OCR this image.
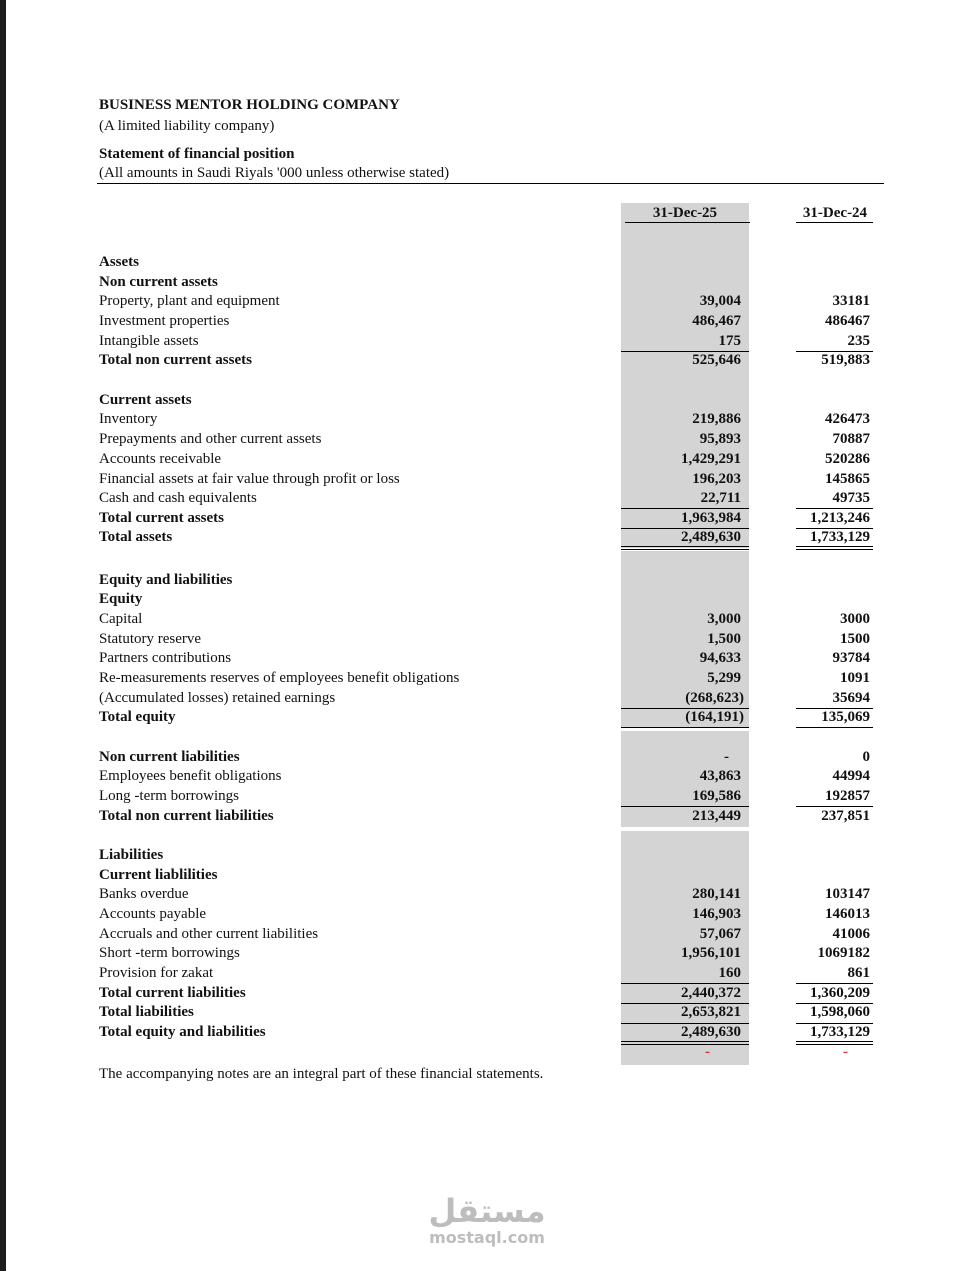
BUSINESS MENTOR HOLDING COMPANY
(A limited liability company)
Statement of financial position
(All amounts in Saudi Riyals '000 unless otherwise stated)
31-Dec-25	31-Dec-24
Assets
Non current assets
Property, plant and equipment	39,004	33181
Investment properties	486,467	486467
Intangible assets	175	235
Total non current assets	525,646	519,883
Current assets
Inventory	219,886	426473
Prepayments and other current assets	95,893	70887
Accounts receivable	1,429,291	520286
Financial assets at fair value through profit or loss	196,203	145865
Cash and cash equivalents	22,711	49735
Total current assets	1,963,984	1,213,246
Total assets	2,489,630	1,733,129
Equity and liabilities
Equity
Capital	3,000	3000
Statutory reserve	1,500	1500
Partners contributions	94,633	93784
Re-measurements reserves of employees benefit obligations	5,299	1091
(Accumulated losses) retained earnings	(268,623)	35694
Total equity	(164,191)	135,069
Non current liabilities	-	0
Employees benefit obligations	43,863	44994
Long -term borrowings	169,586	192857
Total non current liabilities	213,449	237,851
Liabilities
Current liablilities
Banks overdue	280,141	103147
Accounts payable	146,903	146013
Accruals and other current liabilities	57,067	41006
Short -term borrowings	1,956,101	1069182
Provision for zakat	160	861
Total current liabilities	2,440,372	1,360,209
Total liabilities	2,653,821	1,598,060
Total equity and liabilities	2,489,630	1,733,129
-	-
The accompanying notes are an integral part of these financial statements.
مستقل
mostaql.com
